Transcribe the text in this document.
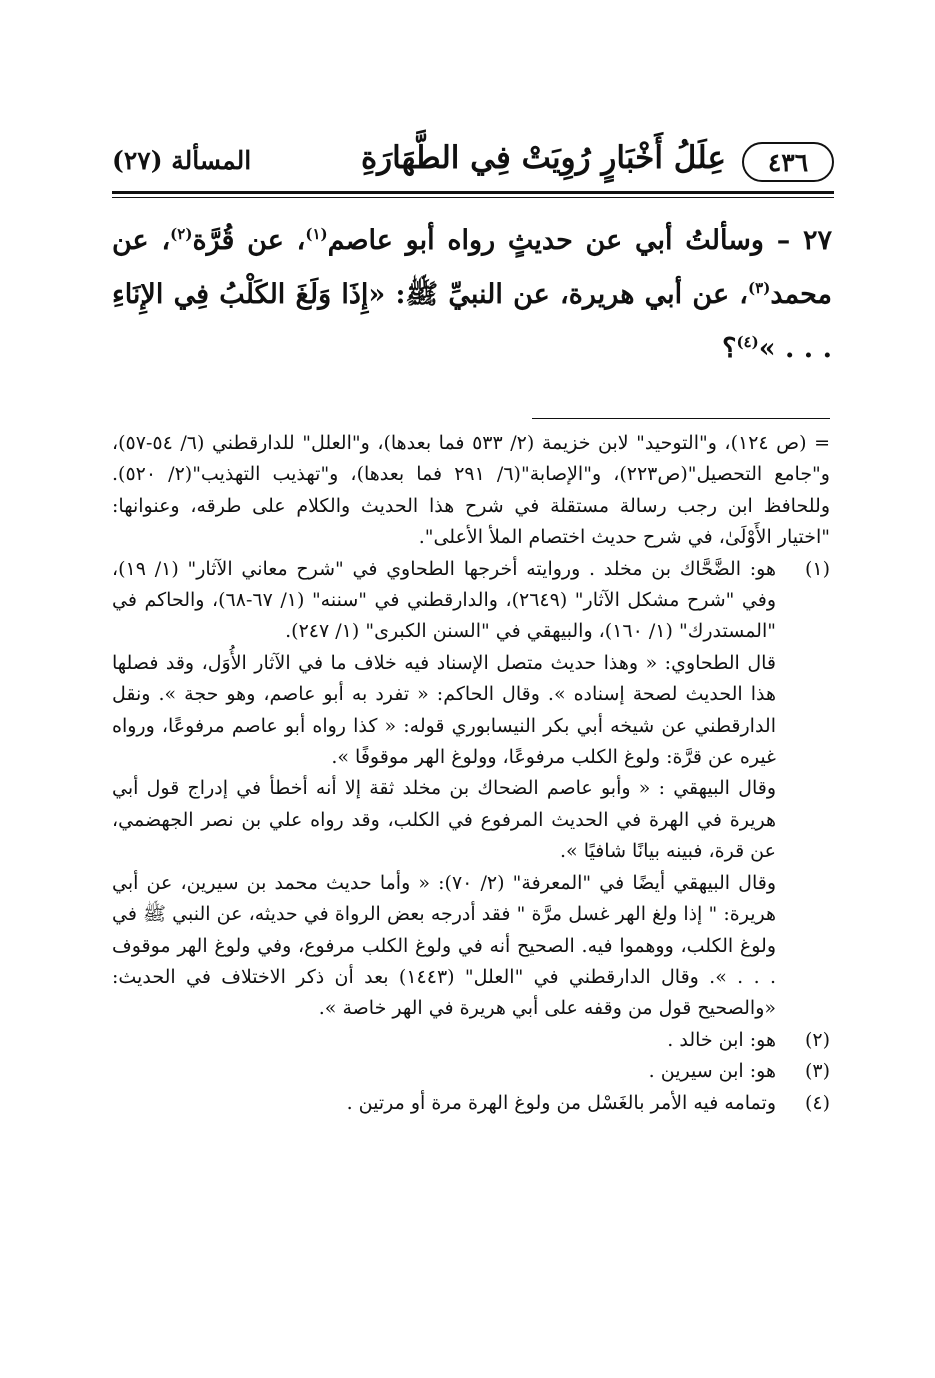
٤٣٦
عِلَلُ أَخْبَارٍ رُوِيَتْ فِي الطَّهَارَةِ
المسألة (٢٧)
٢٧ – وسألتُ أبي عن حديثٍ رواه أبو عاصم$^{(١)}$، عن قُرَّة$^{(٢)}$، عن محمد$^{(٣)}$، عن أبي هريرة، عن النبيِّ ﷺ: «إِذَا وَلَغَ الكَلْبُ فِي الإِنَاءِ . . . »$^{(٤)}$؟

= (ص ١٢٤)، و"التوحيد" لابن خزيمة (٢/ ٥٣٣ فما بعدها)، و"العلل" للدارقطني (٦/ ٥٤-٥٧)، و"جامع التحصيل"(ص٢٢٣)، و"الإصابة"(٦/ ٢٩١ فما بعدها)، و"تهذيب التهذيب"(٢/ ٥٢٠). وللحافظ ابن رجب رسالة مستقلة في شرح هذا الحديث والكلام على طرقه، وعنوانها: "اختيار الأَوْلَىٰ، في شرح حديث اختصام الملأ الأعلى".

(١)

هو: الضَّحَّاك بن مخلد . وروايته أخرجها الطحاوي في "شرح معاني الآثار" (١/ ١٩)، وفي "شرح مشكل الآثار" (٢٦٤٩)، والدارقطني في "سننه" (١/ ٦٧-٦٨)، والحاكم في "المستدرك" (١/ ١٦٠)، والبيهقي في "السنن الكبرى" (١/ ٢٤٧).

قال الطحاوي: « وهذا حديث متصل الإسناد فيه خلاف ما في الآثار الأُوَل، وقد فصلها هذا الحديث لصحة إسناده ». وقال الحاكم: « تفرد به أبو عاصم، وهو حجة ». ونقل الدارقطني عن شيخه أبي بكر النيسابوري قوله: « كذا رواه أبو عاصم مرفوعًا، ورواه غيره عن قرَّة: ولوغ الكلب مرفوعًا، وولوغ الهر موقوفًا ».

وقال البيهقي : « وأبو عاصم الضحاك بن مخلد ثقة إلا أنه أخطأ في إدراج قول أبي هريرة في الهرة في الحديث المرفوع في الكلب، وقد رواه علي بن نصر الجهضمي، عن قرة، فبينه بيانًا شافيًا ».

وقال البيهقي أيضًا في "المعرفة" (٢/ ٧٠): « وأما حديث محمد بن سيرين، عن أبي هريرة: " إذا ولغ الهر غسل مرَّة " فقد أدرجه بعض الرواة في حديثه، عن النبي ﷺ في ولوغ الكلب، ووهموا فيه. الصحيح أنه في ولوغ الكلب مرفوع، وفي ولوغ الهر موقوف . . . ». وقال الدارقطني في "العلل" (١٤٤٣) بعد أن ذكر الاختلاف في الحديث: «والصحيح قول من وقفه على أبي هريرة في الهر خاصة ».

(٢)

هو: ابن خالد .

(٣)

هو: ابن سيرين .

(٤)

وتمامه فيه الأمر بالغَسْل من ولوغ الهرة مرة أو مرتين .
